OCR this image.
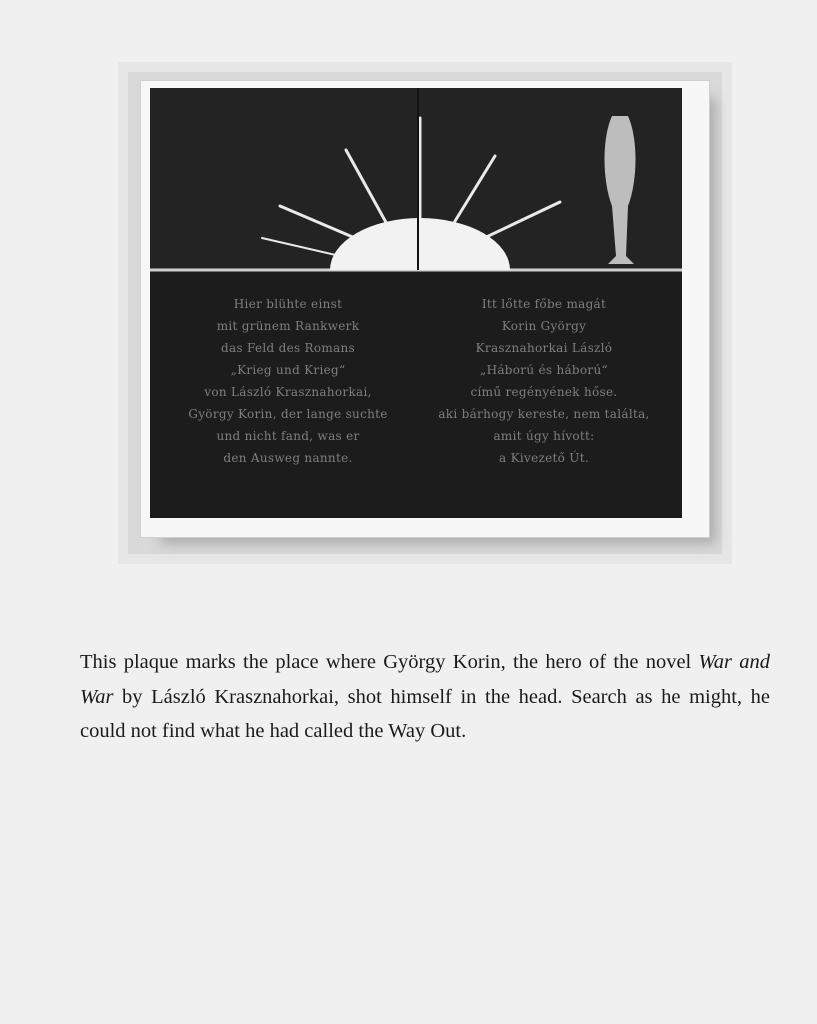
Hier blühte einst
mit grünem Rankwerk
das Feld des Romans
„Krieg und Krieg“
von László Krasznahorkai,
György Korin, der lange suchte
und nicht fand, was er
den Ausweg nannte.
Itt lőtte főbe magát
Korin György
Krasznahorkai László
„Háború és háború“
című regényének hőse.
aki bárhogy kereste, nem találta,
amit úgy hívott:
a Kivezető Út.

This plaque marks the place where György Korin, the hero of the novel War and War by László Krasznahorkai, shot himself in the head. Search as he might, he could not find what he had called the Way Out.
